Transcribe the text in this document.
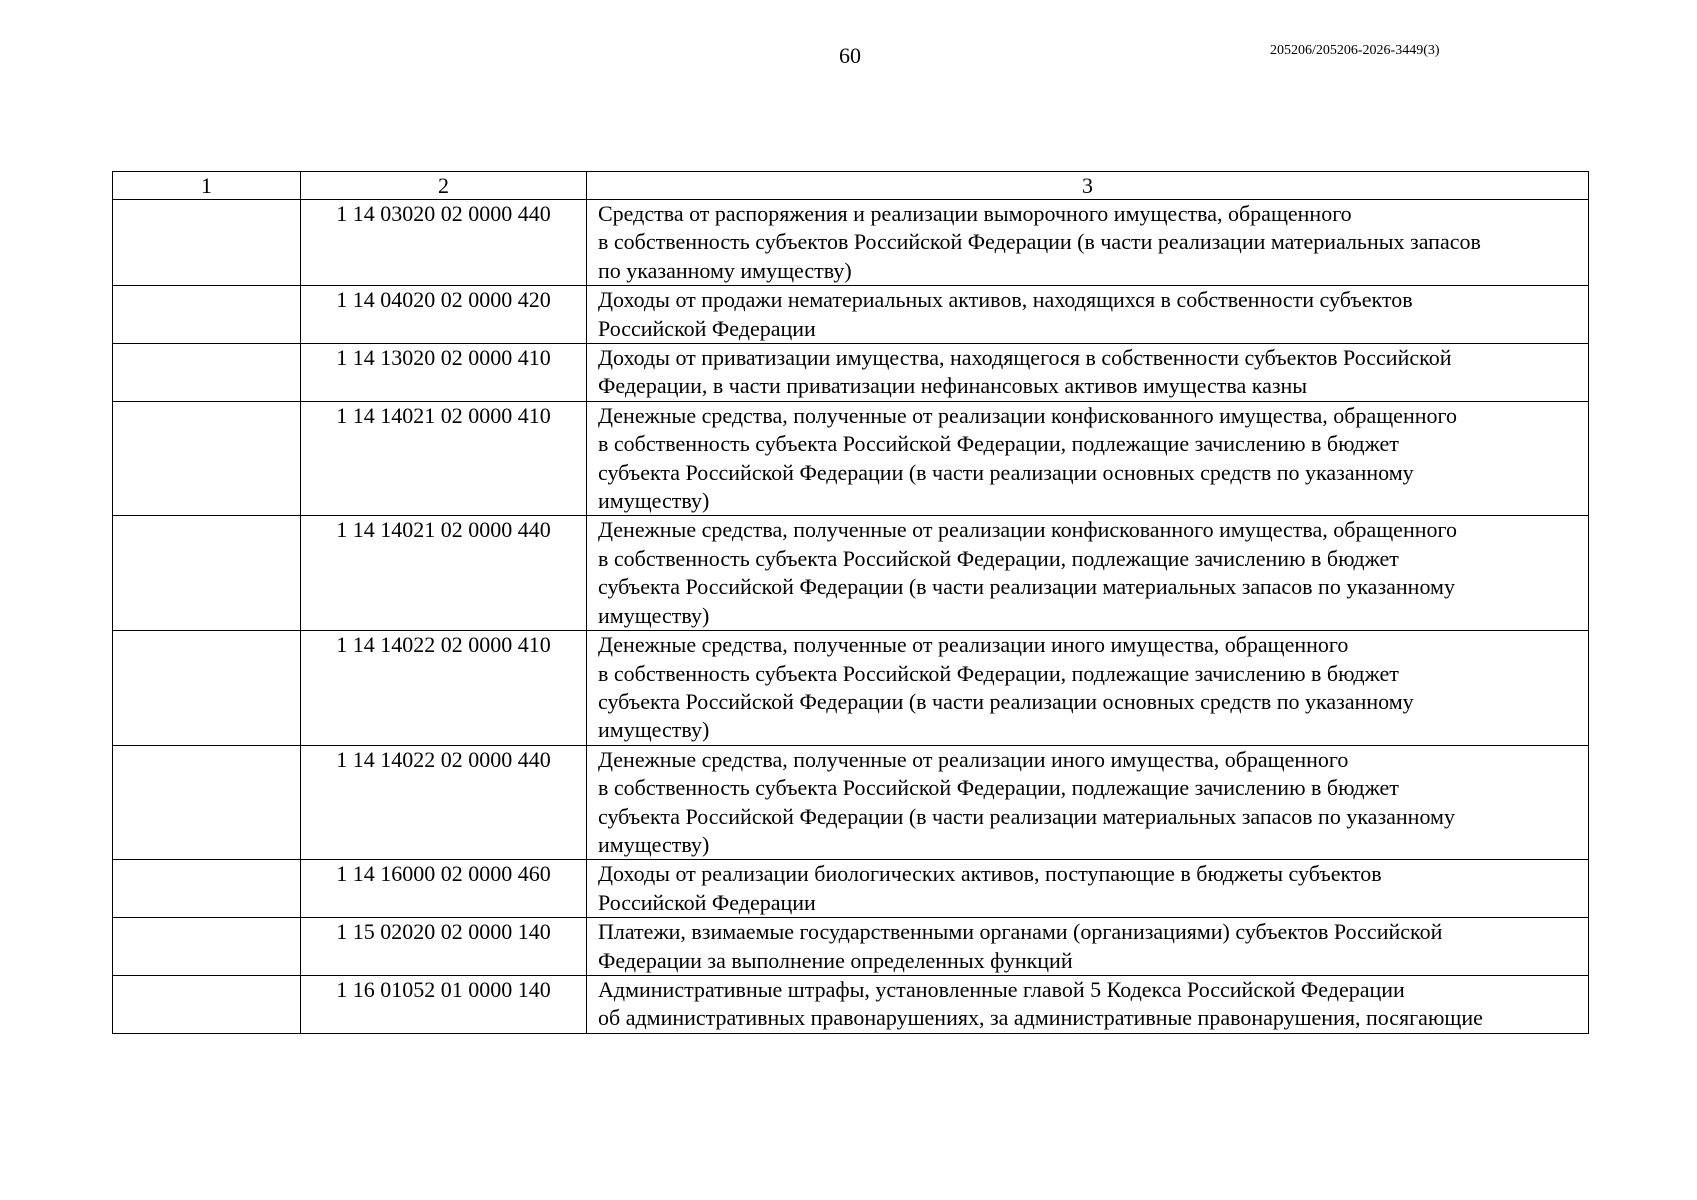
60	205206/205206-2026-3449(3)
1	2	3
	1 14 03020 02 0000 440	Средства от распоряжения и реализации выморочного имущества, обращенного
в собственность субъектов Российской Федерации (в части реализации материальных запасов
по указанному имуществу)
	1 14 04020 02 0000 420	Доходы от продажи нематериальных активов, находящихся в собственности субъектов
Российской Федерации
	1 14 13020 02 0000 410	Доходы от приватизации имущества, находящегося в собственности субъектов Российской
Федерации, в части приватизации нефинансовых активов имущества казны
	1 14 14021 02 0000 410	Денежные средства, полученные от реализации конфискованного имущества, обращенного
в собственность субъекта Российской Федерации, подлежащие зачислению в бюджет
субъекта Российской Федерации (в части реализации основных средств по указанному
имуществу)
	1 14 14021 02 0000 440	Денежные средства, полученные от реализации конфискованного имущества, обращенного
в собственность субъекта Российской Федерации, подлежащие зачислению в бюджет
субъекта Российской Федерации (в части реализации материальных запасов по указанному
имуществу)
	1 14 14022 02 0000 410	Денежные средства, полученные от реализации иного имущества, обращенного
в собственность субъекта Российской Федерации, подлежащие зачислению в бюджет
субъекта Российской Федерации (в части реализации основных средств по указанному
имуществу)
	1 14 14022 02 0000 440	Денежные средства, полученные от реализации иного имущества, обращенного
в собственность субъекта Российской Федерации, подлежащие зачислению в бюджет
субъекта Российской Федерации (в части реализации материальных запасов по указанному
имуществу)
	1 14 16000 02 0000 460	Доходы от реализации биологических активов, поступающие в бюджеты субъектов
Российской Федерации
	1 15 02020 02 0000 140	Платежи, взимаемые государственными органами (организациями) субъектов Российской
Федерации за выполнение определенных функций
	1 16 01052 01 0000 140	Административные штрафы, установленные главой 5 Кодекса Российской Федерации
об административных правонарушениях, за административные правонарушения, посягающие
